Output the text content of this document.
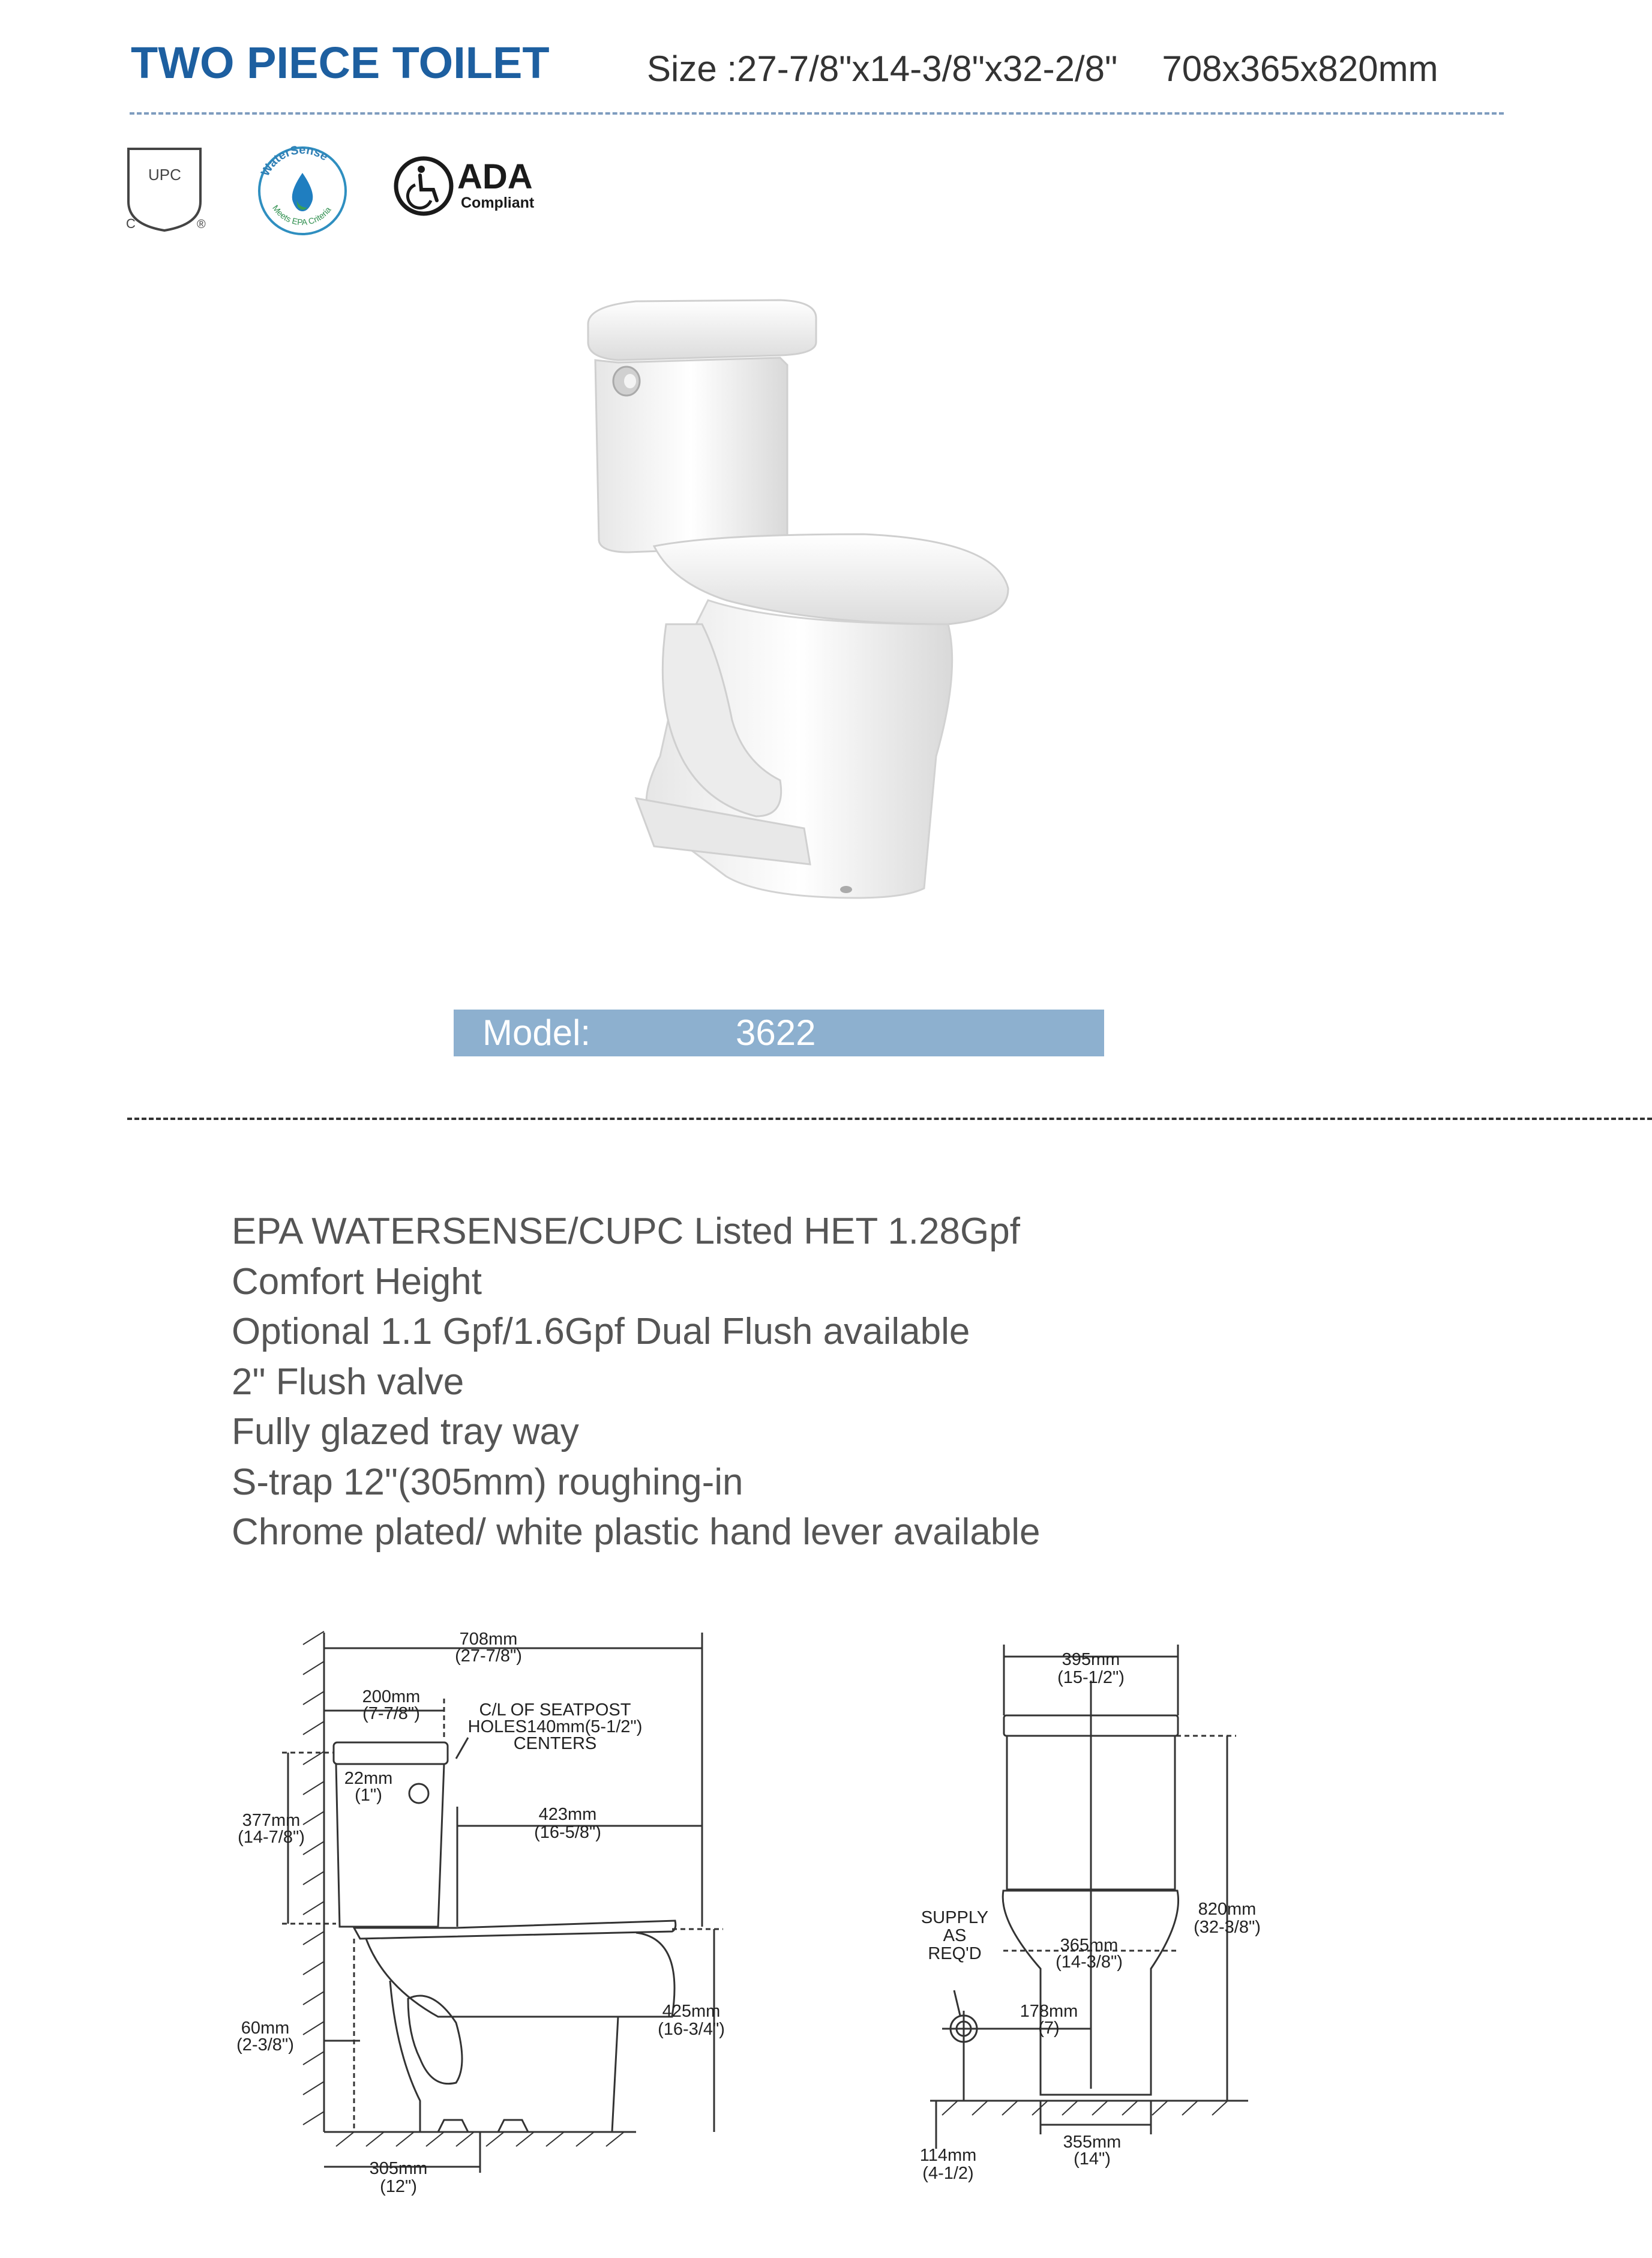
TWO PIECE TOILET	Size :27-7/8"x14-3/8"x32-2/8" 708x365x820mm
UPC
C	®
WaterSense
Meets EPA Criteria
ADA
Compliant
Model:	3622
EPA WATERSENSE/CUPC Listed HET 1.28Gpf
Comfort Height
Optional 1.1 Gpf/1.6Gpf Dual Flush available
2" Flush valve
Fully glazed tray way
S-trap 12"(305mm) roughing-in
Chrome plated/ white plastic hand lever available
708mm
(27-7/8")
200mm
(7-7/8")	C/L OF SEATPOST
HOLES140mm(5-1/2")
CENTERS
22mm
(1")
423mm
(16-5/8")
377mm
(14-7/8")
425mm
(16-3/4")
60mm
(2-3/8")
305mm
(12")
395mm
(15-1/2")
820mm
(32-3/8")
SUPPLY
AS
REQ'D	365mm
(14-3/8")
178mm
(7)
355mm
(14")
114mm
(4-1/2)
